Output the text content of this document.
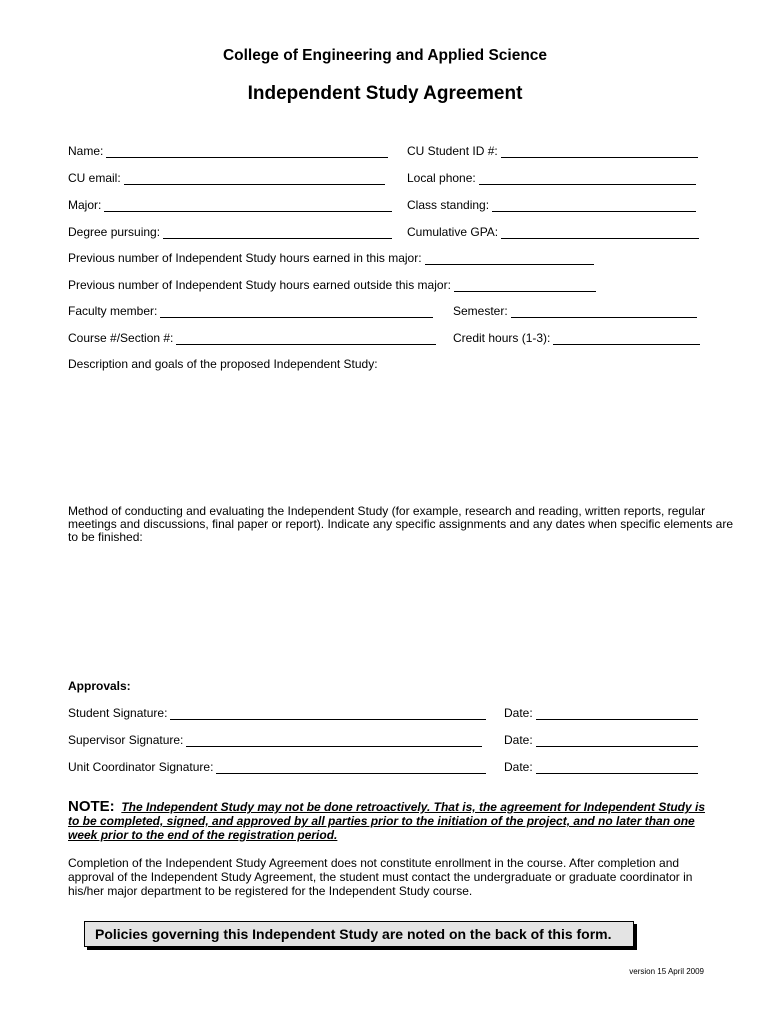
College of Engineering and Applied Science
Independent Study Agreement
Name:	CU Student ID #:
CU email:	Local phone:
Major:	Class standing:
Degree pursuing:	Cumulative GPA:
Previous number of Independent Study hours earned in this major:
Previous number of Independent Study hours earned outside this major:
Faculty member:	Semester:
Course #/Section #:	Credit hours (1-3):
Description and goals of the proposed Independent Study:
Method of conducting and evaluating the Independent Study (for example, research and reading, written reports, regular
meetings and discussions, final paper or report). Indicate any specific assignments and any dates when specific elements are
to be finished:
Approvals:
Student Signature:	Date:
Supervisor Signature:	Date:
Unit Coordinator Signature:	Date:
NOTE: The Independent Study may not be done retroactively. That is, the agreement for Independent Study is to be completed, signed, and approved by all parties prior to the initiation of the project, and no later than one week prior to the end of the registration period.
Completion of the Independent Study Agreement does not constitute enrollment in the course. After completion and approval of the Independent Study Agreement, the student must contact the undergraduate or graduate coordinator in his/her major department to be registered for the Independent Study course.
Policies governing this Independent Study are noted on the back of this form.
version 15 April 2009
